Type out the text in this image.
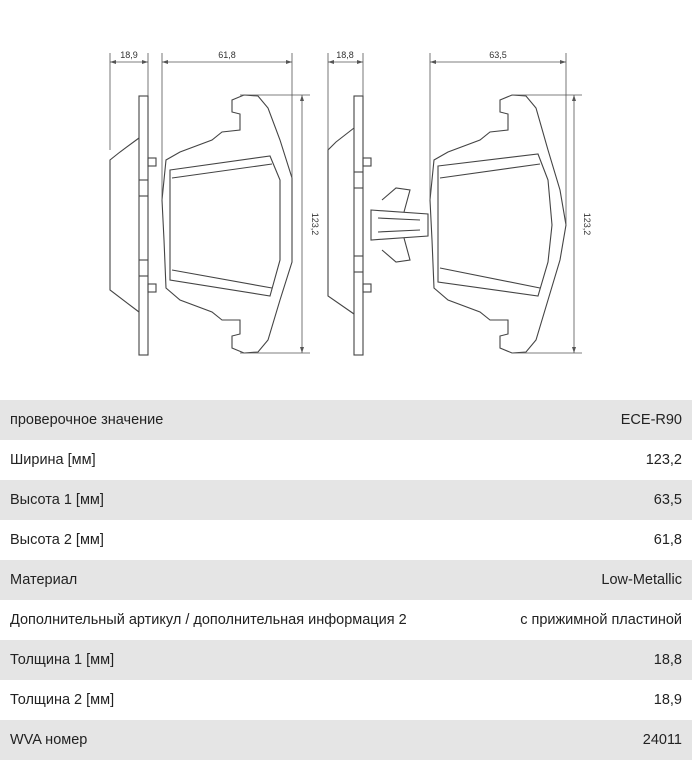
18,9	61,8	18,8	63,5
123,2	123,2
проверочное значение	ECE-R90
Ширина [мм]	123,2
Высота 1 [мм]	63,5
Высота 2 [мм]	61,8
Материал	Low-Metallic
Дополнительный артикул / дополнительная информация 2	с прижимной пластиной
Толщина 1 [мм]	18,8
Толщина 2 [мм]	18,9
WVA номер	24011
